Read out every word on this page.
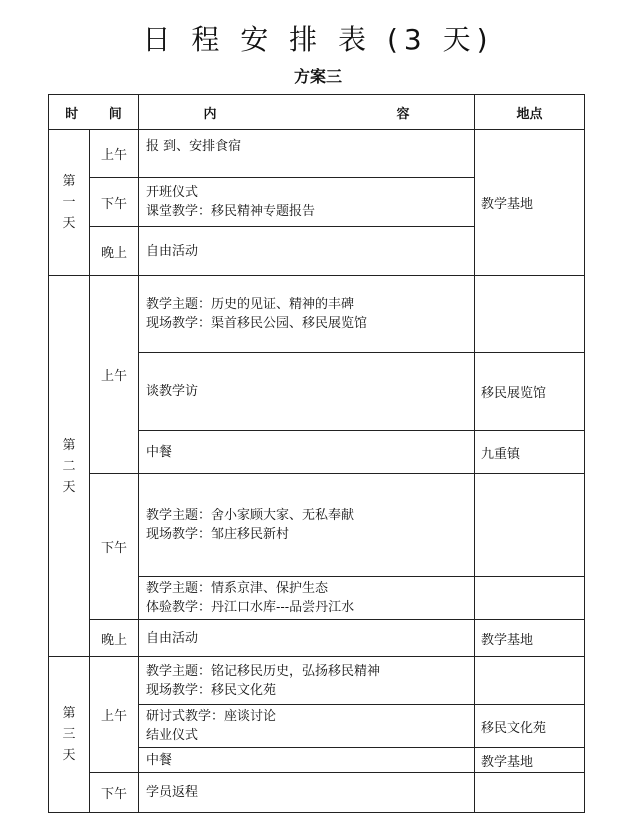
日 程 安 排 表 (3 天)
方案三
时 间		内 容	地点
第
一
天	上午	报 到、安排食宿	教学基地
	下午	开班仪式
课堂教学：移民精神专题报告	

	晚上	自由活动	

第
二
天	上午	教学主题：历史的见证、精神的丰碑
现场教学：渠首移民公园、移民展览馆	

		谈教学访	移民展览馆

		中餐	九重镇
	下午	教学主题：舍小家顾大家、无私奉献
现场教学：邹庄移民新村	

		教学主题：情系京津、保护生态
体验教学：丹江口水库---品尝丹江水	

	晚上	自由活动	教学基地
第
三
天	上午	教学主题：铭记移民历史，弘扬移民精神
现场教学：移民文化苑	

		研讨式教学：座谈讨论
结业仪式	移民文化苑

		中餐	教学基地
	下午	学员返程	
